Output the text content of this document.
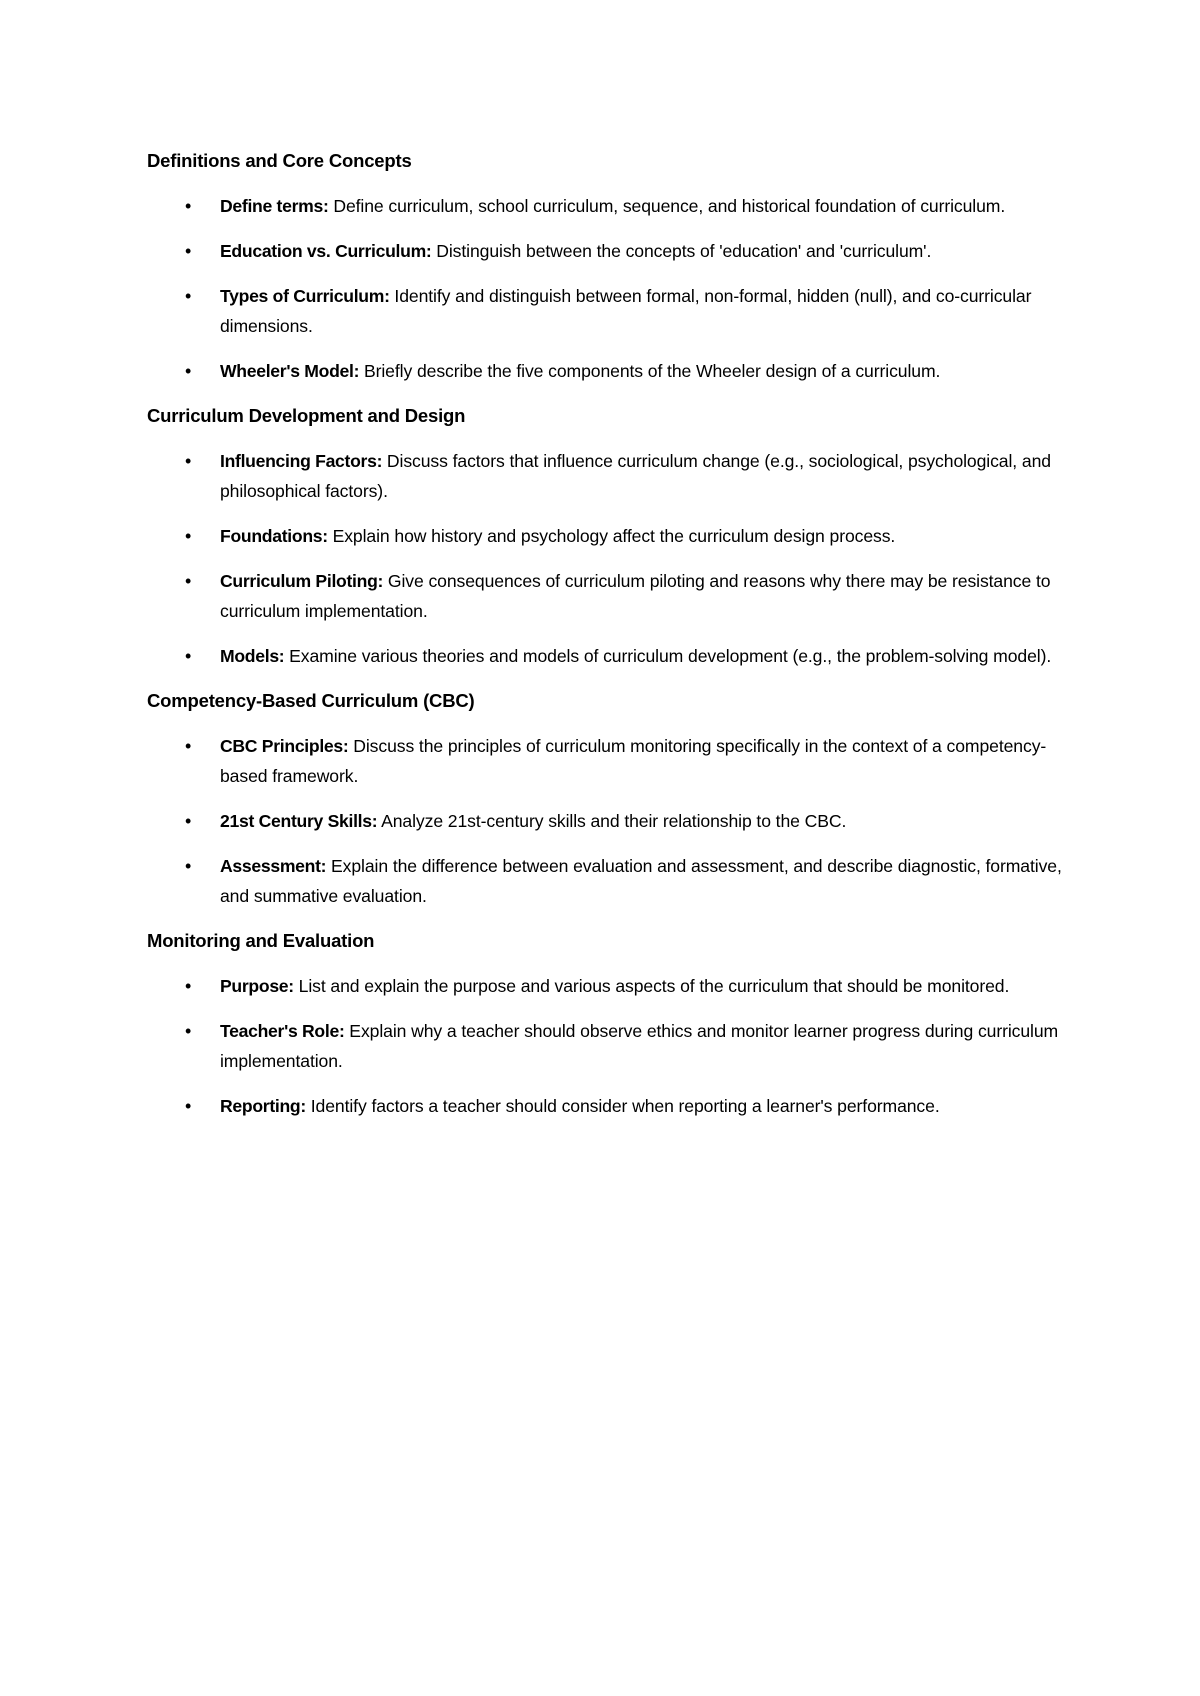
Definitions and Core Concepts
• Define terms: Define curriculum, school curriculum, sequence, and historical foundation of curriculum.
• Education vs. Curriculum: Distinguish between the concepts of 'education' and 'curriculum'.
• Types of Curriculum: Identify and distinguish between formal, non-formal, hidden (null), and co-curricular dimensions.
• Wheeler's Model: Briefly describe the five components of the Wheeler design of a curriculum.
Curriculum Development and Design
• Influencing Factors: Discuss factors that influence curriculum change (e.g., sociological, psychological, and philosophical factors).
• Foundations: Explain how history and psychology affect the curriculum design process.
• Curriculum Piloting: Give consequences of curriculum piloting and reasons why there may be resistance to curriculum implementation.
• Models: Examine various theories and models of curriculum development (e.g., the problem-solving model).
Competency-Based Curriculum (CBC)
• CBC Principles: Discuss the principles of curriculum monitoring specifically in the context of a competency-based framework.
• 21st Century Skills: Analyze 21st-century skills and their relationship to the CBC.
• Assessment: Explain the difference between evaluation and assessment, and describe diagnostic, formative, and summative evaluation.
Monitoring and Evaluation
• Purpose: List and explain the purpose and various aspects of the curriculum that should be monitored.
• Teacher's Role: Explain why a teacher should observe ethics and monitor learner progress during curriculum implementation.
• Reporting: Identify factors a teacher should consider when reporting a learner's performance.
